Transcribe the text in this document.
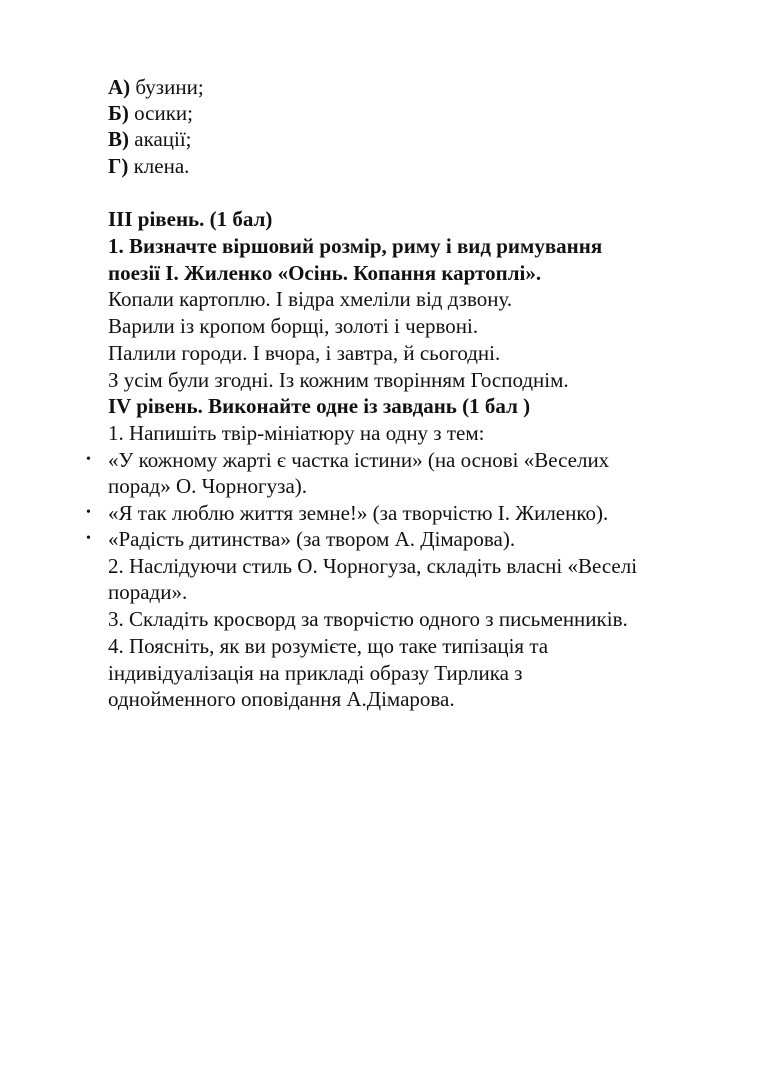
А) бузини;
Б) осики;
В) акації;
Г) клена.
ІІІ рівень. (1 бал)
1. Визначте віршовий розмір, риму і вид римування
поезії І. Жиленко «Осінь. Копання картоплі».
Копали картоплю. І відра хмеліли від дзвону.
Варили із кропом борщі, золоті і червоні.
Палили городи. І вчора, і завтра, й сьогодні.
З усім були згодні. Із кожним творінням Господнім.
IV рівень. Виконайте одне із завдань (1 бал )
1. Напишіть твір-мініатюру на одну з тем:
• «У кожному жарті є частка істини» (на основі «Веселих
порад» О. Чорногуза).
• «Я так люблю життя земне!» (за творчістю І. Жиленко).
• «Радість дитинства» (за твором А. Дімарова).
2. Наслідуючи стиль О. Чорногуза, складіть власні «Веселі
поради».
3. Складіть кросворд за творчістю одного з письменників.
4. Поясніть, як ви розумієте, що таке типізація та
індивідуалізація на прикладі образу Тирлика з
однойменного оповідання А.Дімарова.
